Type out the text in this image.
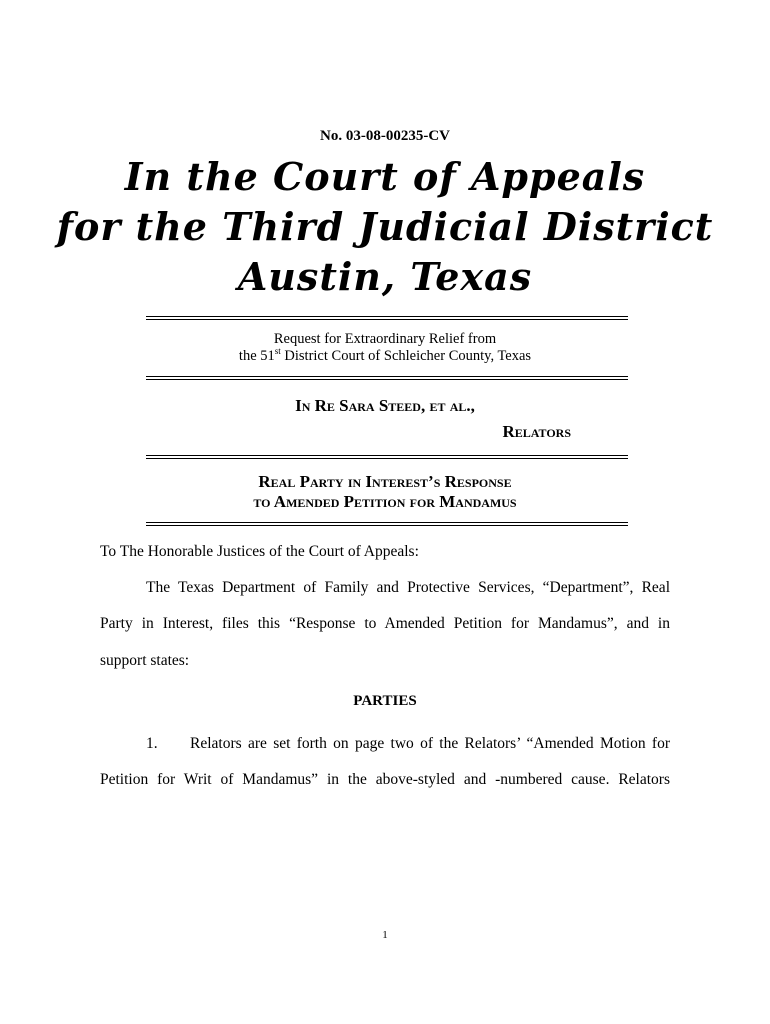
No. 03-08-00235-CV
In the Court of Appeals
for the Third Judicial District
Austin, Texas
Request for Extraordinary Relief from
the 51st District Court of Schleicher County, Texas
In Re Sara Steed, et al.,
Relators
Real Party in Interest’s Response
to Amended Petition for Mandamus
To The Honorable Justices of the Court of Appeals:
The Texas Department of Family and Protective Services, “Department”, Real
Party in Interest, files this “Response to Amended Petition for Mandamus”, and in
support states:
PARTIES
1. Relators are set forth on page two of the Relators’ “Amended Motion for
Petition for Writ of Mandamus” in the above-styled and -numbered cause. Relators
1
